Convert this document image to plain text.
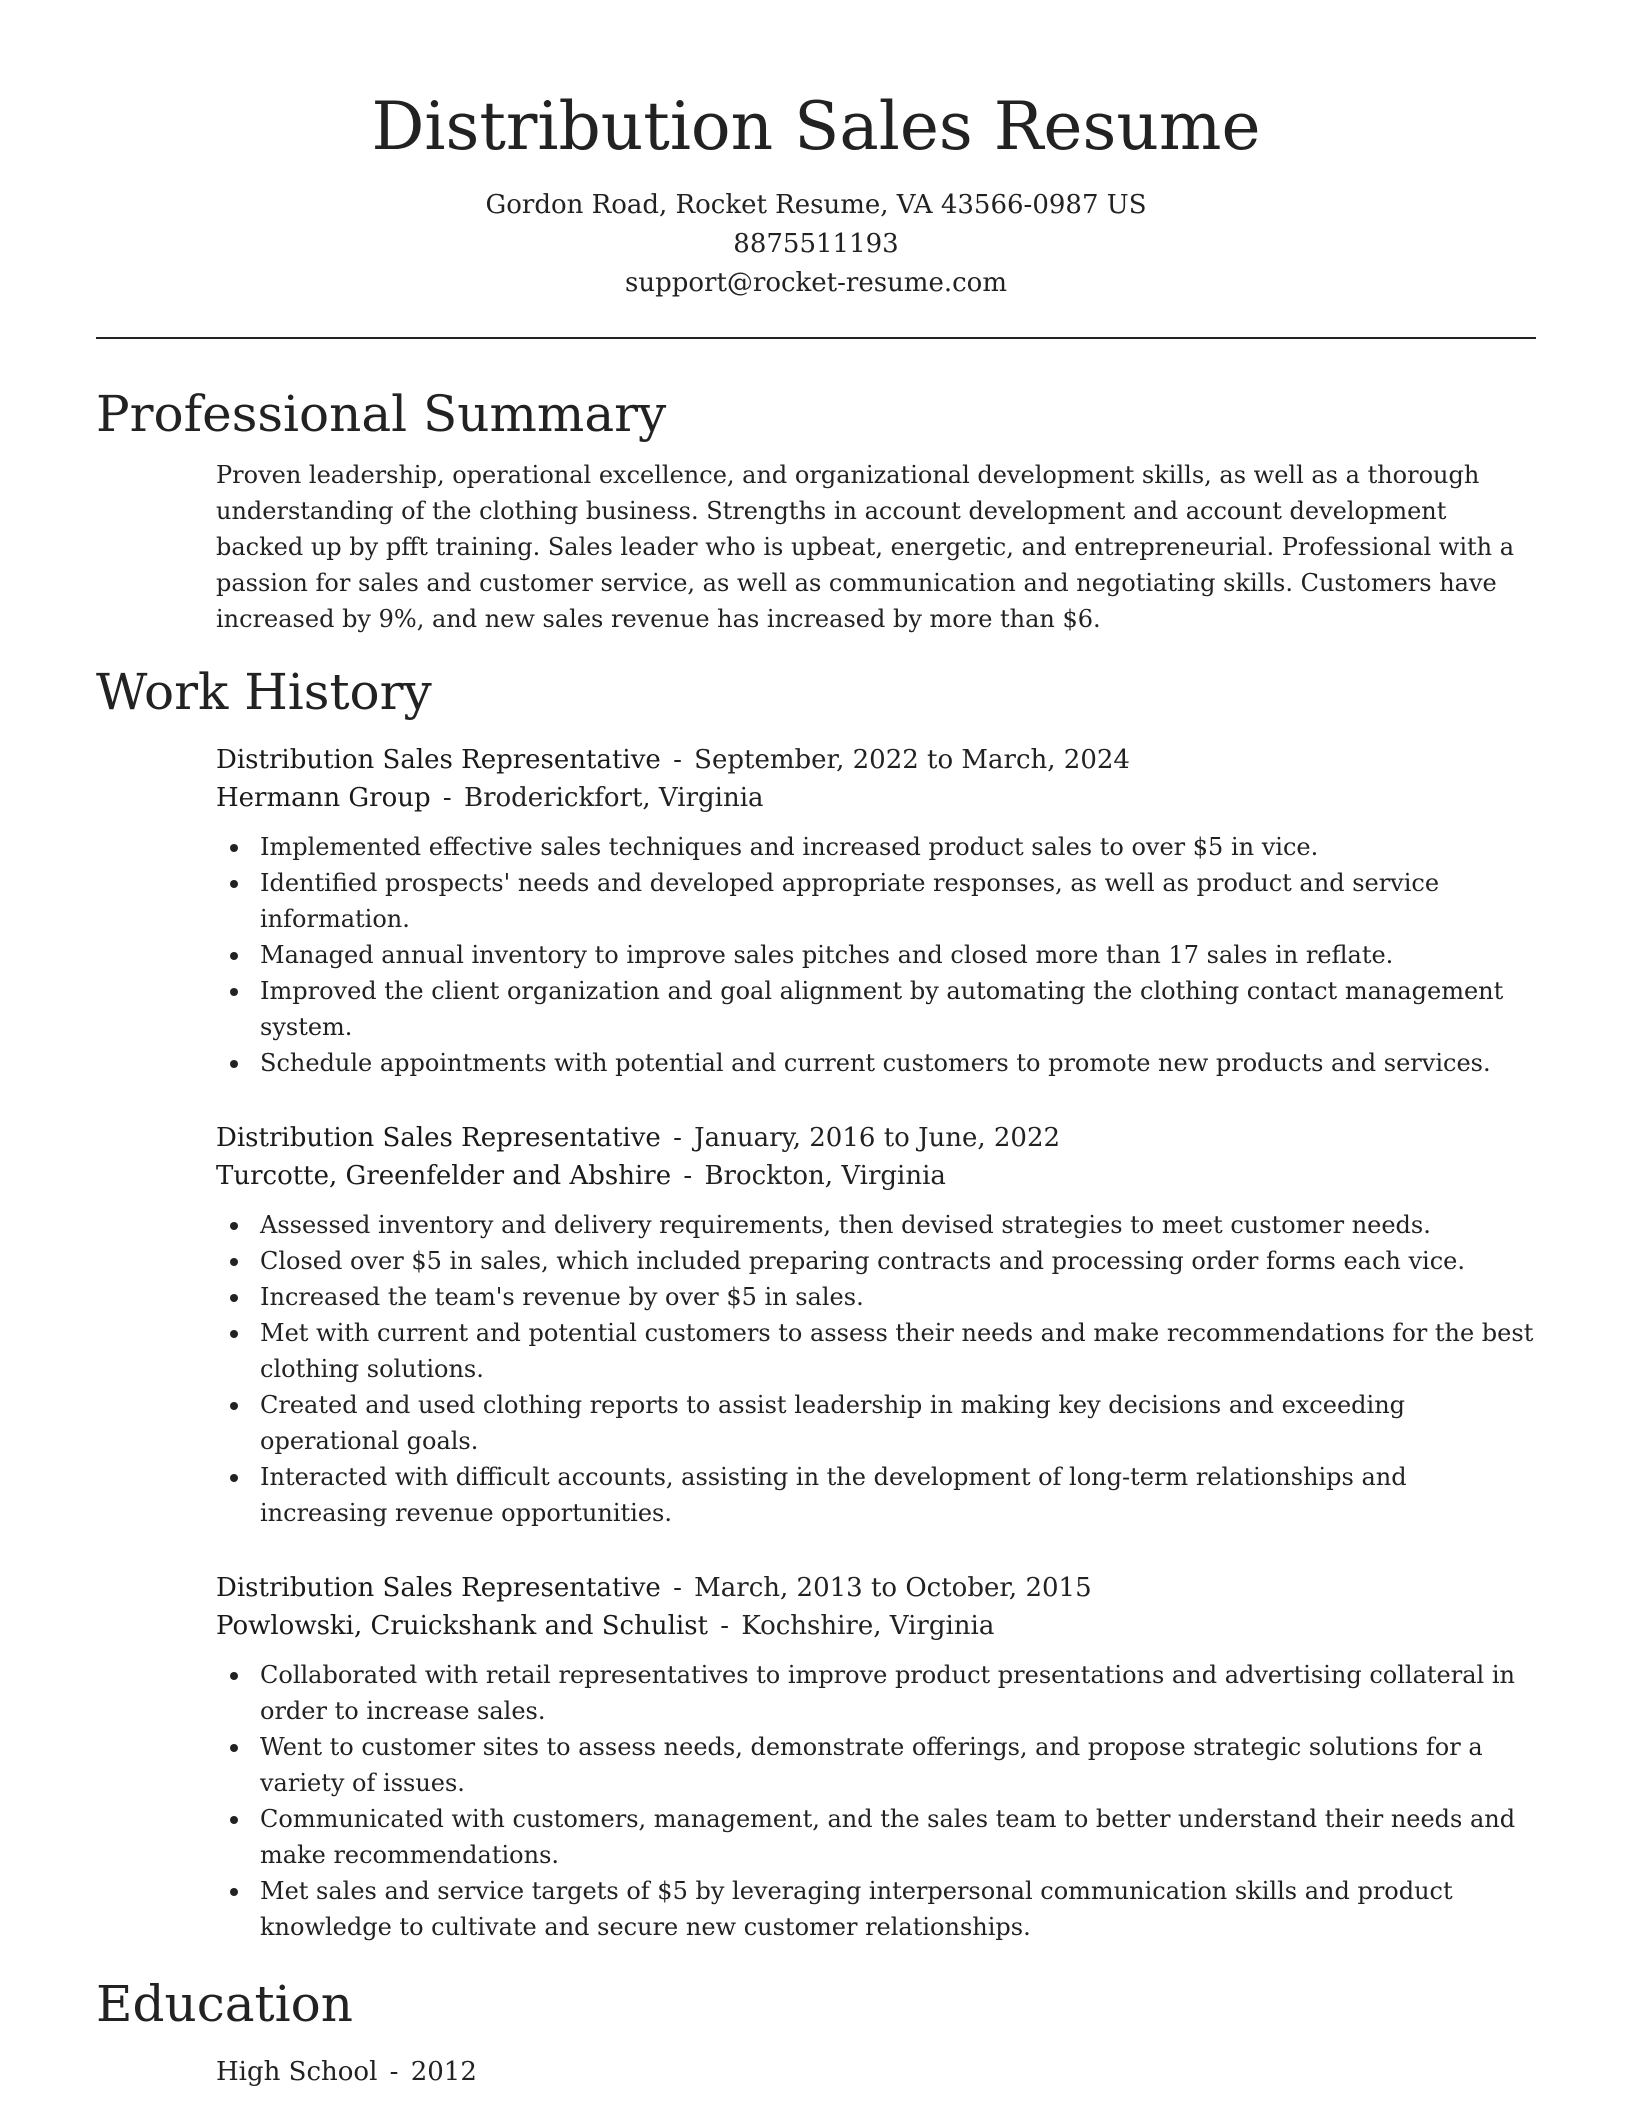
Distribution Sales Resume

Gordon Road, Rocket Resume, VA 43566-0987 US

8875511193

support@rocket-resume.com

Professional Summary

Proven leadership, operational excellence, and organizational development skills, as well as a thorough understanding of the clothing business. Strengths in account development and account development backed up by pfft training. Sales leader who is upbeat, energetic, and entrepreneurial. Professional with a passion for sales and customer service, as well as communication and negotiating skills. Customers have increased by 9%, and new sales revenue has increased by more than $6.

Work History

Distribution Sales Representative - September, 2022 to March, 2024

Hermann Group - Broderickfort, Virginia

Implemented effective sales techniques and increased product sales to over $5 in vice.
Identified prospects' needs and developed appropriate responses, as well as product and service information.
Managed annual inventory to improve sales pitches and closed more than 17 sales in reflate.
Improved the client organization and goal alignment by automating the clothing contact management system.
Schedule appointments with potential and current customers to promote new products and services.

Distribution Sales Representative - January, 2016 to June, 2022

Turcotte, Greenfelder and Abshire - Brockton, Virginia

Assessed inventory and delivery requirements, then devised strategies to meet customer needs.
Closed over $5 in sales, which included preparing contracts and processing order forms each vice.
Increased the team's revenue by over $5 in sales.
Met with current and potential customers to assess their needs and make recommendations for the best clothing solutions.
Created and used clothing reports to assist leadership in making key decisions and exceeding operational goals.
Interacted with difficult accounts, assisting in the development of long-term relationships and increasing revenue opportunities.

Distribution Sales Representative - March, 2013 to October, 2015

Powlowski, Cruickshank and Schulist - Kochshire, Virginia

Collaborated with retail representatives to improve product presentations and advertising collateral in order to increase sales.
Went to customer sites to assess needs, demonstrate offerings, and propose strategic solutions for a variety of issues.
Communicated with customers, management, and the sales team to better understand their needs and make recommendations.
Met sales and service targets of $5 by leveraging interpersonal communication skills and product knowledge to cultivate and secure new customer relationships.
Education

High School - 2012
